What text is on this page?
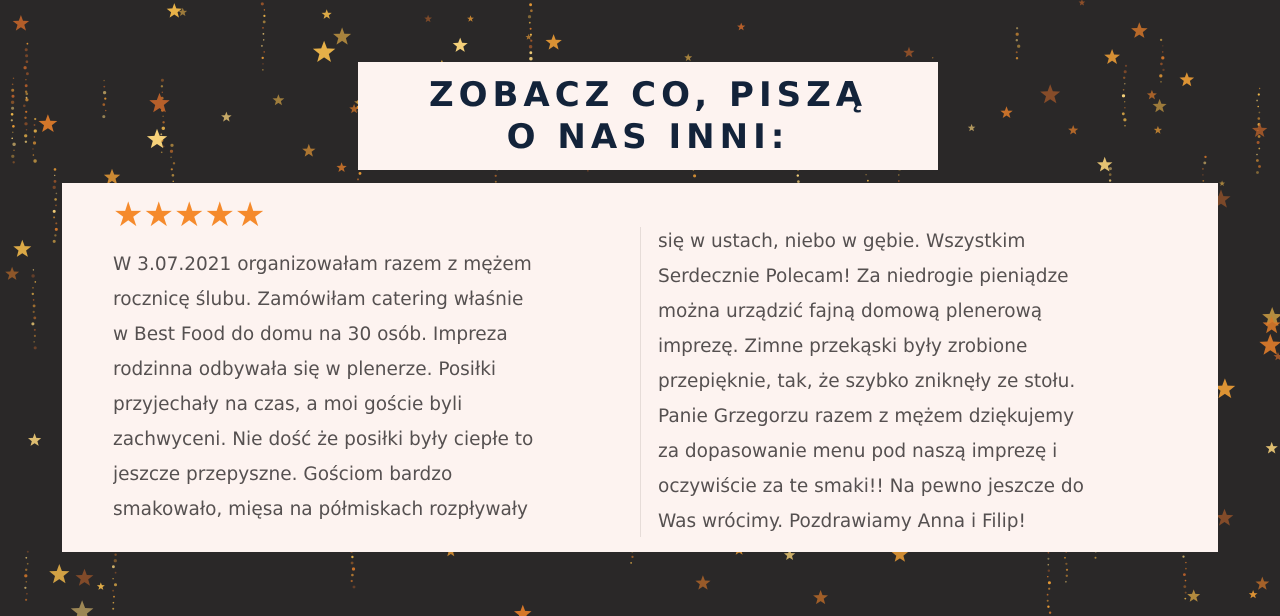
ZOBACZ CO, PISZĄ
O NAS INNI:
★★★★★
W 3.07.2021 organizowałam razem z mężem
rocznicę ślubu. Zamówiłam catering właśnie
w Best Food do domu na 30 osób. Impreza
rodzinna odbywała się w plenerze. Posiłki
przyjechały na czas, a moi goście byli
zachwyceni. Nie dość że posiłki były ciepłe to
jeszcze przepyszne. Gościom bardzo
smakowało, mięsa na półmiskach rozpływały
się w ustach, niebo w gębie. Wszystkim
Serdecznie Polecam! Za niedrogie pieniądze
można urządzić fajną domową plenerową
imprezę. Zimne przekąski były zrobione
przepięknie, tak, że szybko zniknęły ze stołu.
Panie Grzegorzu razem z mężem dziękujemy
za dopasowanie menu pod naszą imprezę i
oczywiście za te smaki!! Na pewno jeszcze do
Was wrócimy. Pozdrawiamy Anna i Filip!
